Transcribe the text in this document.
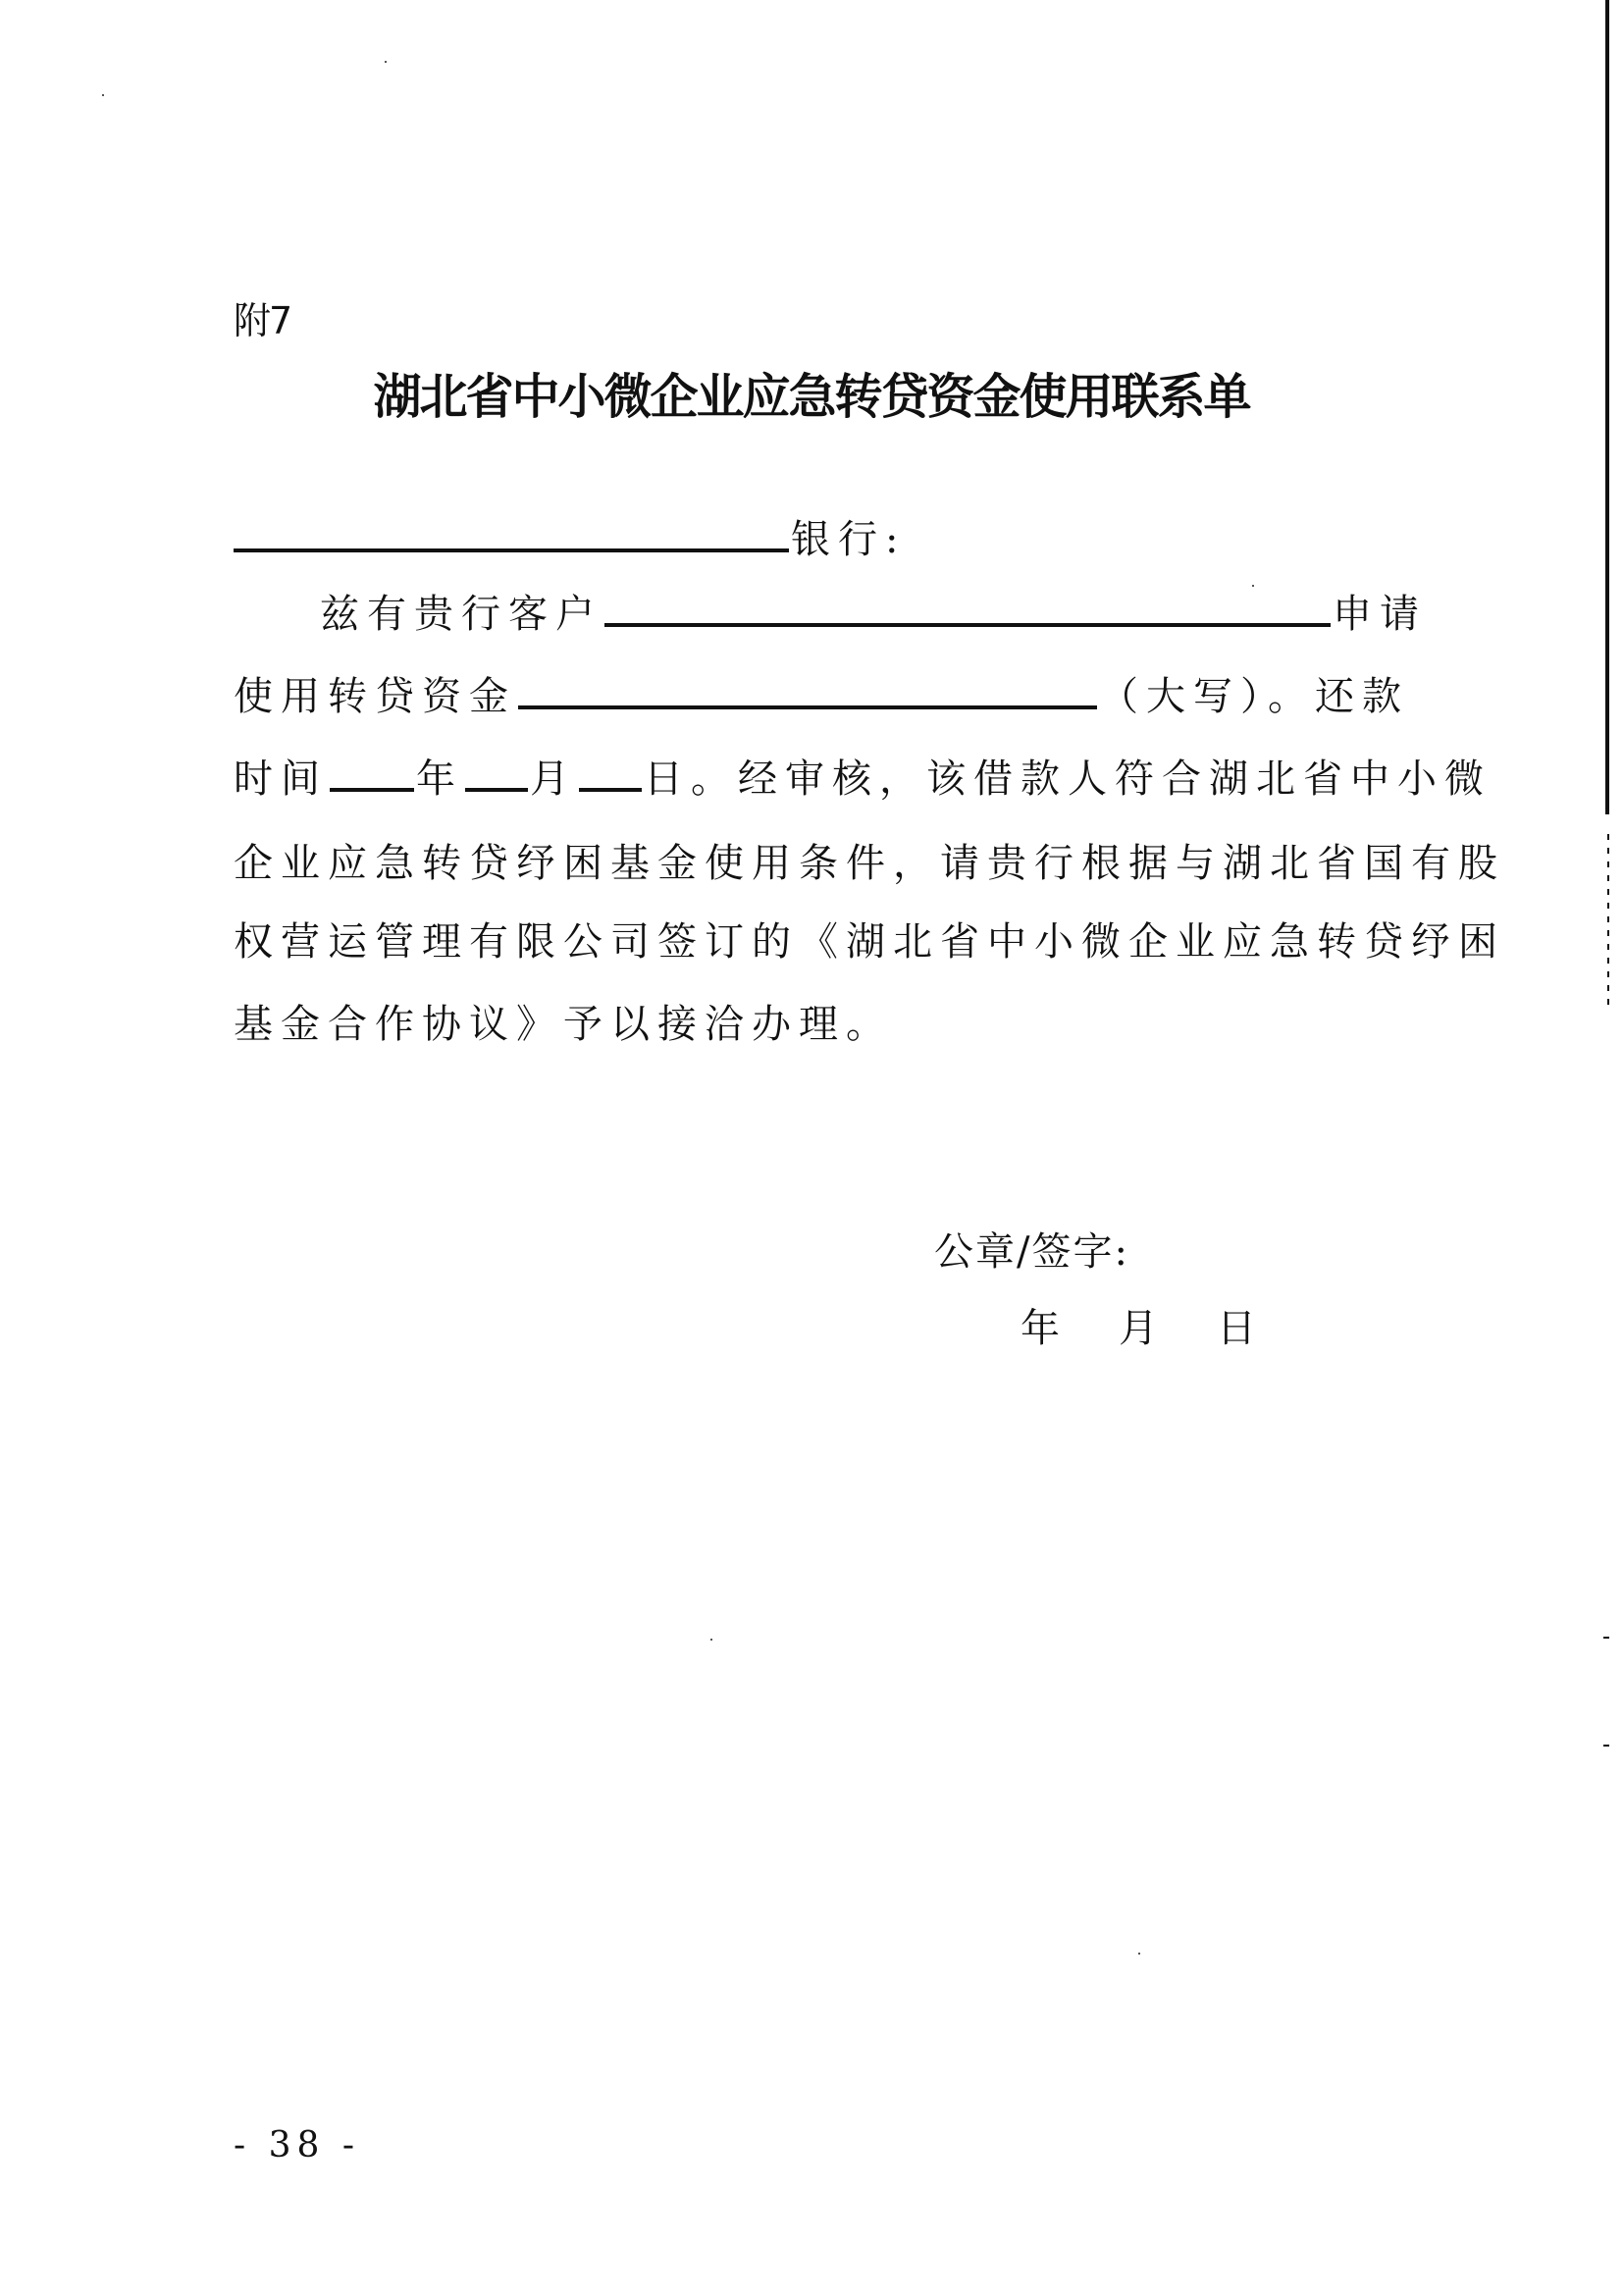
附7
湖北省中小微企业应急转贷资金使用联系单
银行:
兹有贵行客户	申请
使用转贷资金	（大写）。还款
时间 年 月 日。经审核，该借款人符合湖北省中小微
企业应急转贷纾困基金使用条件，请贵行根据与湖北省国有股
权营运管理有限公司签订的《湖北省中小微企业应急转贷纾困
基金合作协议》予以接洽办理。
公章/签字:
年 月 日
- 38 -
